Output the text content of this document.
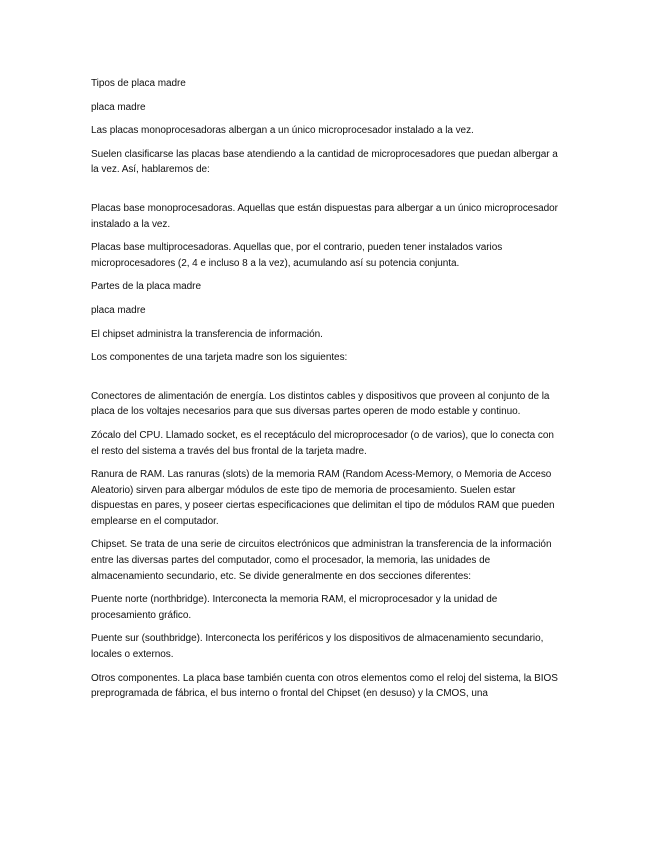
Tipos de placa madre

placa madre

Las placas monoprocesadoras albergan a un único microprocesador instalado a la vez.

Suelen clasificarse las placas base atendiendo a la cantidad de microprocesadores que puedan albergar a la vez. Así, hablaremos de:

Placas base monoprocesadoras. Aquellas que están dispuestas para albergar a un único microprocesador instalado a la vez.

Placas base multiprocesadoras. Aquellas que, por el contrario, pueden tener instalados varios microprocesadores (2, 4 e incluso 8 a la vez), acumulando así su potencia conjunta.

Partes de la placa madre

placa madre

El chipset administra la transferencia de información.

Los componentes de una tarjeta madre son los siguientes:

Conectores de alimentación de energía. Los distintos cables y dispositivos que proveen al conjunto de la placa de los voltajes necesarios para que sus diversas partes operen de modo estable y continuo.

Zócalo del CPU. Llamado socket, es el receptáculo del microprocesador (o de varios), que lo conecta con el resto del sistema a través del bus frontal de la tarjeta madre.

Ranura de RAM. Las ranuras (slots) de la memoria RAM (Random Acess-Memory, o Memoria de Acceso Aleatorio) sirven para albergar módulos de este tipo de memoria de procesamiento. Suelen estar dispuestas en pares, y poseer ciertas especificaciones que delimitan el tipo de módulos RAM que pueden emplearse en el computador.

Chipset. Se trata de una serie de circuitos electrónicos que administran la transferencia de la información entre las diversas partes del computador, como el procesador, la memoria, las unidades de almacenamiento secundario, etc. Se divide generalmente en dos secciones diferentes:

Puente norte (northbridge). Interconecta la memoria RAM, el microprocesador y la unidad de procesamiento gráfico.

Puente sur (southbridge). Interconecta los periféricos y los dispositivos de almacenamiento secundario, locales o externos.

Otros componentes. La placa base también cuenta con otros elementos como el reloj del sistema, la BIOS preprogramada de fábrica, el bus interno o frontal del Chipset (en desuso) y la CMOS, una
